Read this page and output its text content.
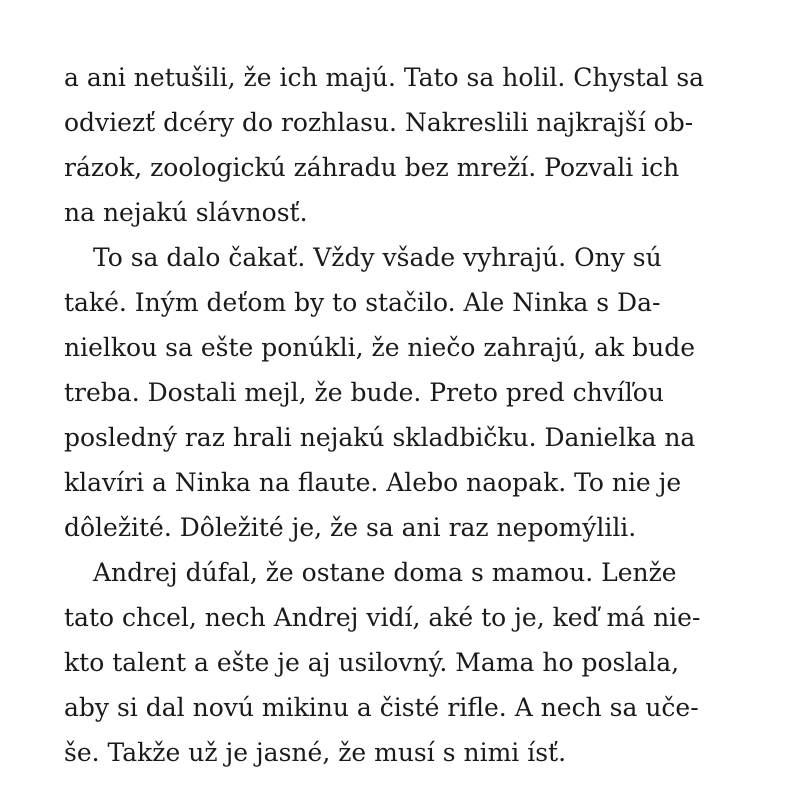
a ani netušili, že ich majú. Tato sa holil. Chystal sa
odviezť dcéry do rozhlasu. Nakreslili najkrajší ob-
rázok, zoologickú záhradu bez mreží. Pozvali ich
na nejakú slávnosť.
To sa dalo čakať. Vždy všade vyhrajú. Ony sú
také. Iným deťom by to stačilo. Ale Ninka s Da-
nielkou sa ešte ponúkli, že niečo zahrajú, ak bude
treba. Dostali mejl, že bude. Preto pred chvíľou
posledný raz hrali nejakú skladbičku. Danielka na
klavíri a Ninka na flaute. Alebo naopak. To nie je
dôležité. Dôležité je, že sa ani raz nepomýlili.
Andrej dúfal, že ostane doma s mamou. Lenže
tato chcel, nech Andrej vidí, aké to je, keď má nie-
kto talent a ešte je aj usilovný. Mama ho poslala,
aby si dal novú mikinu a čisté rifle. A nech sa uče-
še. Takže už je jasné, že musí s nimi ísť.
